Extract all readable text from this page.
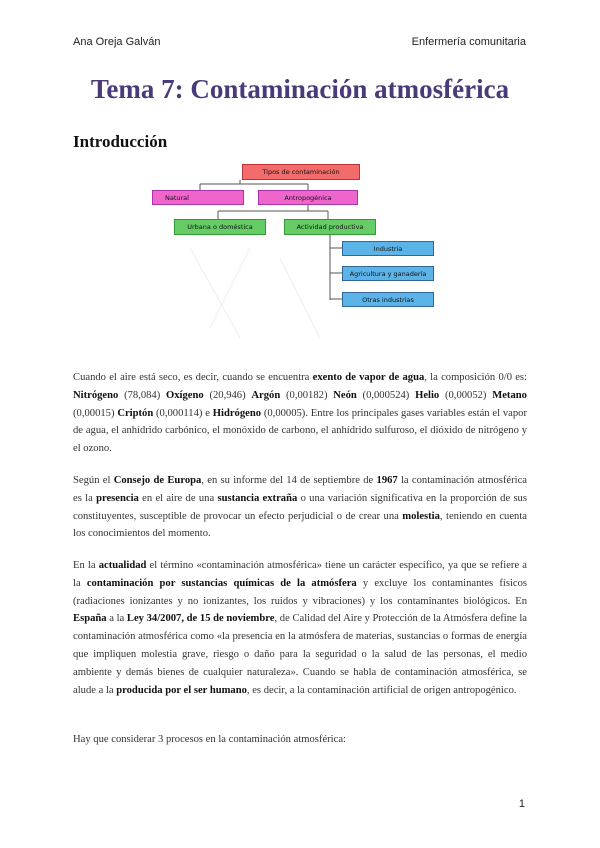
Ana Oreja Galván	Enfermería comunitaria
Tema 7: Contaminación atmosférica
Introducción
Tipos de contaminación
Natural	Antropogénica
Urbana o doméstica	Actividad productiva
Industria
Agricultura y ganadería
Otras industrias

Cuando el aire está seco, es decir, cuando se encuentra exento de vapor de agua, la composición 0/0 es: Nitrógeno (78,084) Oxígeno (20,946) Argón (0,00182) Neón (0,000524) Helio (0,00052) Metano (0,00015) Criptón (0,000114) e Hidrógeno (0,00005). Entre los principales gases variables están el vapor de agua, el anhídrido carbónico, el monóxido de carbono, el anhídrido sulfuroso, el dióxido de nitrógeno y el ozono.

Según el Consejo de Europa, en su informe del 14 de septiembre de 1967 la contaminación atmosférica es la presencia en el aire de una sustancia extraña o una variación significativa en la proporción de sus constituyentes, susceptible de provocar un efecto perjudicial o de crear una molestia, teniendo en cuenta los conocimientos del momento.

En la actualidad el término «contaminación atmosférica» tiene un carácter específico, ya que se refiere a la contaminación por sustancias químicas de la atmósfera y excluye los contaminantes físicos (radiaciones ionizantes y no ionizantes, los ruidos y vibraciones) y los contaminantes biológicos. En España a la Ley 34/2007, de 15 de noviembre, de Calidad del Aire y Protección de la Atmósfera define la contaminación atmosférica como «la presencia en la atmósfera de materias, sustancias o formas de energía que impliquen molestia grave, riesgo o daño para la seguridad o la salud de las personas, el medio ambiente y demás bienes de cualquier naturaleza». Cuando se habla de contaminación atmosférica, se alude a la producida por el ser humano, es decir, a la contaminación artificial de origen antropogénico.

Hay que considerar 3 procesos en la contaminación atmosférica:

1
